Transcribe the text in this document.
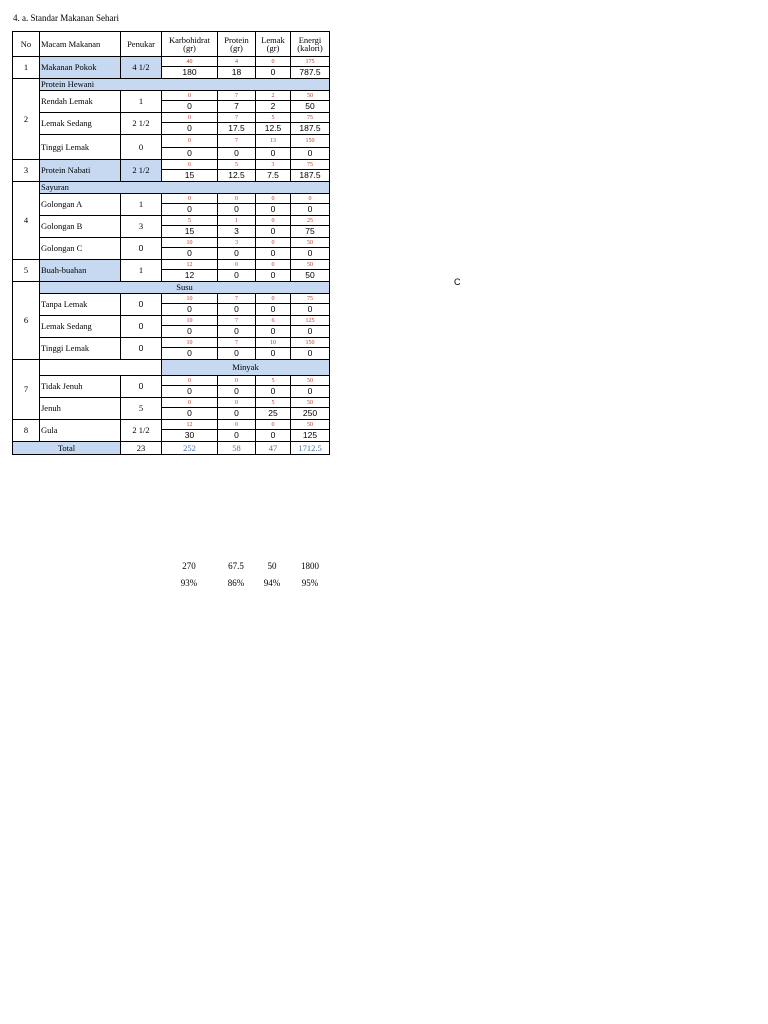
4. a. Standar Makanan Sehari
No	Macam Makanan	Penukar	Karbohidrat (gr)	Protein (gr)	Lemak (gr)	Energi (kalori)
1	Makanan Pokok	4 1/2	40	4	0	175
			180	18	0	787.5
2	Protein Hewani					
	Rendah Lemak	1	0	7	2	50
			0	7	2	50
	Lemak Sedang	2 1/2	0	7	5	75
			0	17.5	12.5	187.5
	Tinggi Lemak	0	0	7	13	150
			0	0	0	0
3	Protein Nabati	2 1/2	6	5	3	75
			15	12.5	7.5	187.5
4	Sayuran					
	Golongan A	1	0	0	0	0
			0	0	0	0
	Golongan B	3	5	1	0	25
			15	3	0	75
	Golongan C	0	10	3	0	50
			0	0	0	0
5	Buah-buahan	1	12	0	0	50
			12	0	0	50
6	Susu					
	Tanpa Lemak	0	10	7	0	75
			0	0	0	0
	Lemak Sedang	0	10	7	6	125
			0	0	0	0
	Tinggi Lemak	0	10	7	10	150
			0	0	0	0
7			Minyak			
	Tidak Jenuh	0	0	0	5	50
			0	0	0	0
	Jenuh	5	0	0	5	50
			0	0	25	250
8	Gula	2 1/2	12	0	0	50
			30	0	0	125
Total		23	252	58	47	1712.5
270	67.5	50	1800
93%	86%	94%	95%
C
